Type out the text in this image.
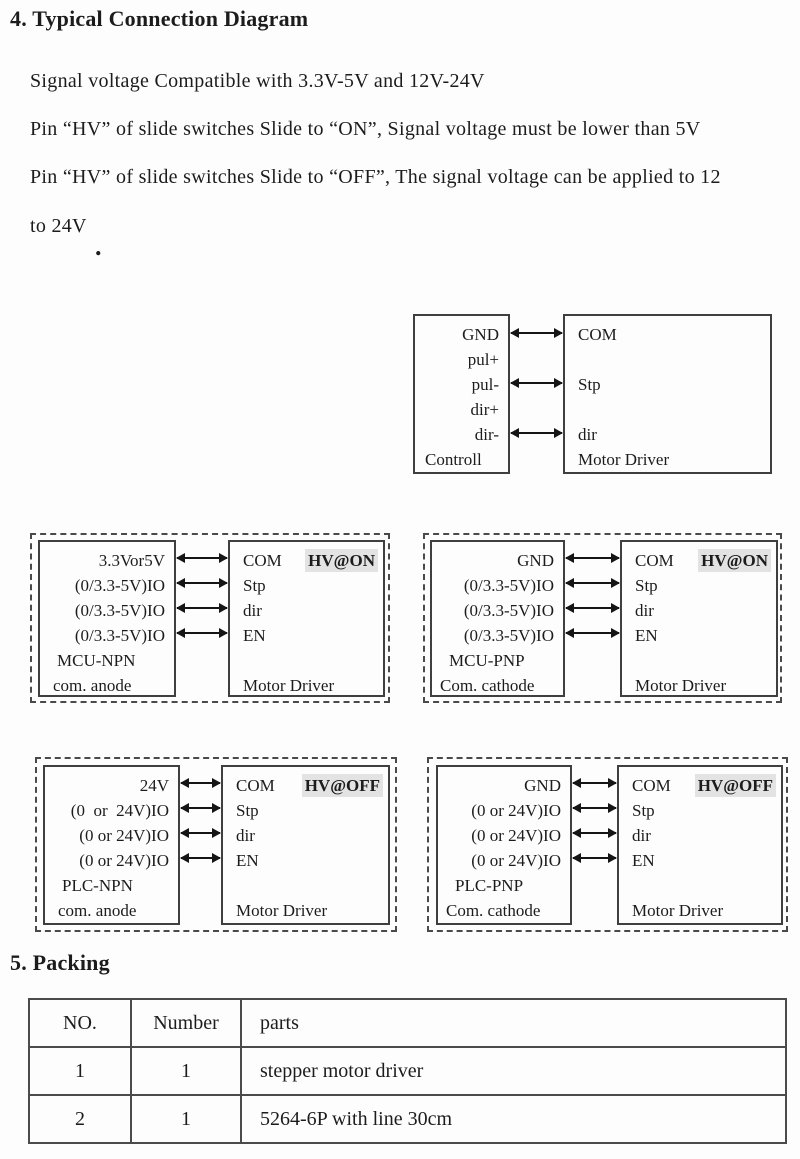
4. Typical Connection Diagram
Signal voltage Compatible with 3.3V-5V and 12V-24V
Pin “HV” of slide switches Slide to “ON”, Signal voltage must be lower than 5V
Pin “HV” of slide switches Slide to “OFF”, The signal voltage can be applied to 12
to 24V
.
GND
pul+
pul-
dir+
dir-
Controll
COM
Stp
dir
Motor Driver
3.3Vor5V
(0/3.3-5V)IO
(0/3.3-5V)IO
(0/3.3-5V)IO
MCU-NPN
com. anode
COM HV@ON
Stp
dir
EN
Motor Driver
GND
(0/3.3-5V)IO
(0/3.3-5V)IO
(0/3.3-5V)IO
MCU-PNP
Com. cathode
COM HV@ON
Stp
dir
EN
Motor Driver
24V
(0  or  24V)IO
(0 or 24V)IO
(0 or 24V)IO
PLC-NPN
com. anode
COM HV@OFF
Stp
dir
EN
Motor Driver
GND
(0 or 24V)IO
(0 or 24V)IO
(0 or 24V)IO
PLC-PNP
Com. cathode
COM HV@OFF
Stp
dir
EN
Motor Driver
5. Packing
NO.	Number	parts
1	1	stepper motor driver
2	1	5264-6P with line 30cm
